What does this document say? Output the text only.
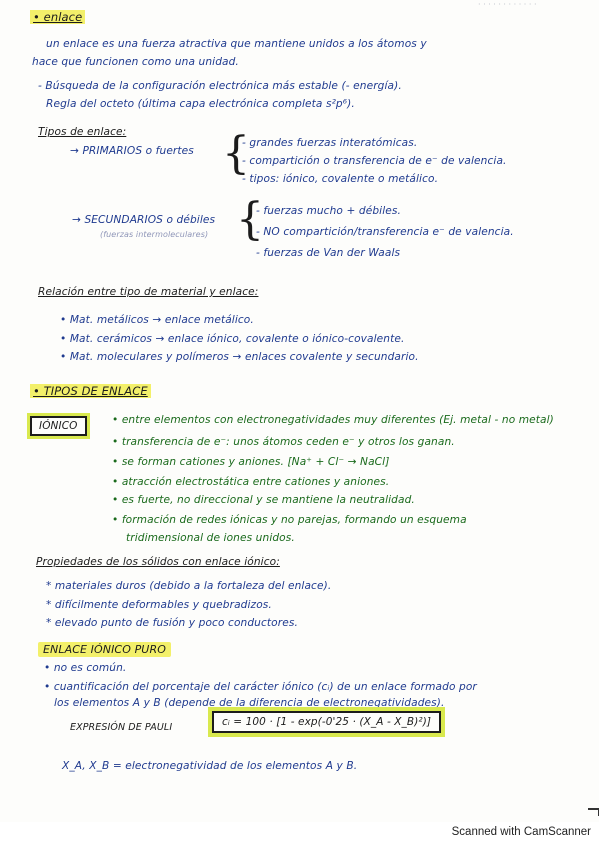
· · · · · · · · · · · ·
• enlace
un enlace es una fuerza atractiva que mantiene unidos a los átomos y
hace que funcionen como una unidad.
- Búsqueda de la configuración electrónica más estable (- energía).
Regla del octeto (última capa electrónica completa s²p⁶).
Tipos de enlace:
→ PRIMARIOS o fuertes {
- grandes fuerzas interatómicas.
- compartición o transferencia de e⁻ de valencia.
- tipos: iónico, covalente o metálico.
→ SECUNDARIOS o débiles
(fuerzas intermoleculares) {
- fuerzas mucho + débiles.
- NO compartición/transferencia e⁻ de valencia.
- fuerzas de Van der Waals
Relación entre tipo de material y enlace:
• Mat. metálicos → enlace metálico.
• Mat. cerámicos → enlace iónico, covalente o iónico-covalente.
• Mat. moleculares y polímeros → enlaces covalente y secundario.
• TIPOS DE ENLACE
IÓNICO	• entre elementos con electronegatividades muy diferentes (Ej. metal - no metal)
• transferencia de e⁻: unos átomos ceden e⁻ y otros los ganan.
• se forman cationes y aniones. [Na⁺ + Cl⁻ → NaCl]
• atracción electrostática entre cationes y aniones.
• es fuerte, no direccional y se mantiene la neutralidad.
• formación de redes iónicas y no parejas, formando un esquema
tridimensional de iones unidos.
Propiedades de los sólidos con enlace iónico:
* materiales duros (debido a la fortaleza del enlace).
* difícilmente deformables y quebradizos.
* elevado punto de fusión y poco conductores.
ENLACE IÓNICO PURO
• no es común.
• cuantificación del porcentaje del carácter iónico (cᵢ) de un enlace formado por
los elementos A y B (depende de la diferencia de electronegatividades).
EXPRESIÓN DE PAULI	cᵢ = 100 · [1 - exp(-0'25 · (X_A - X_B)²)]
X_A, X_B = electronegatividad de los elementos A y B.
Scanned with CamScanner
